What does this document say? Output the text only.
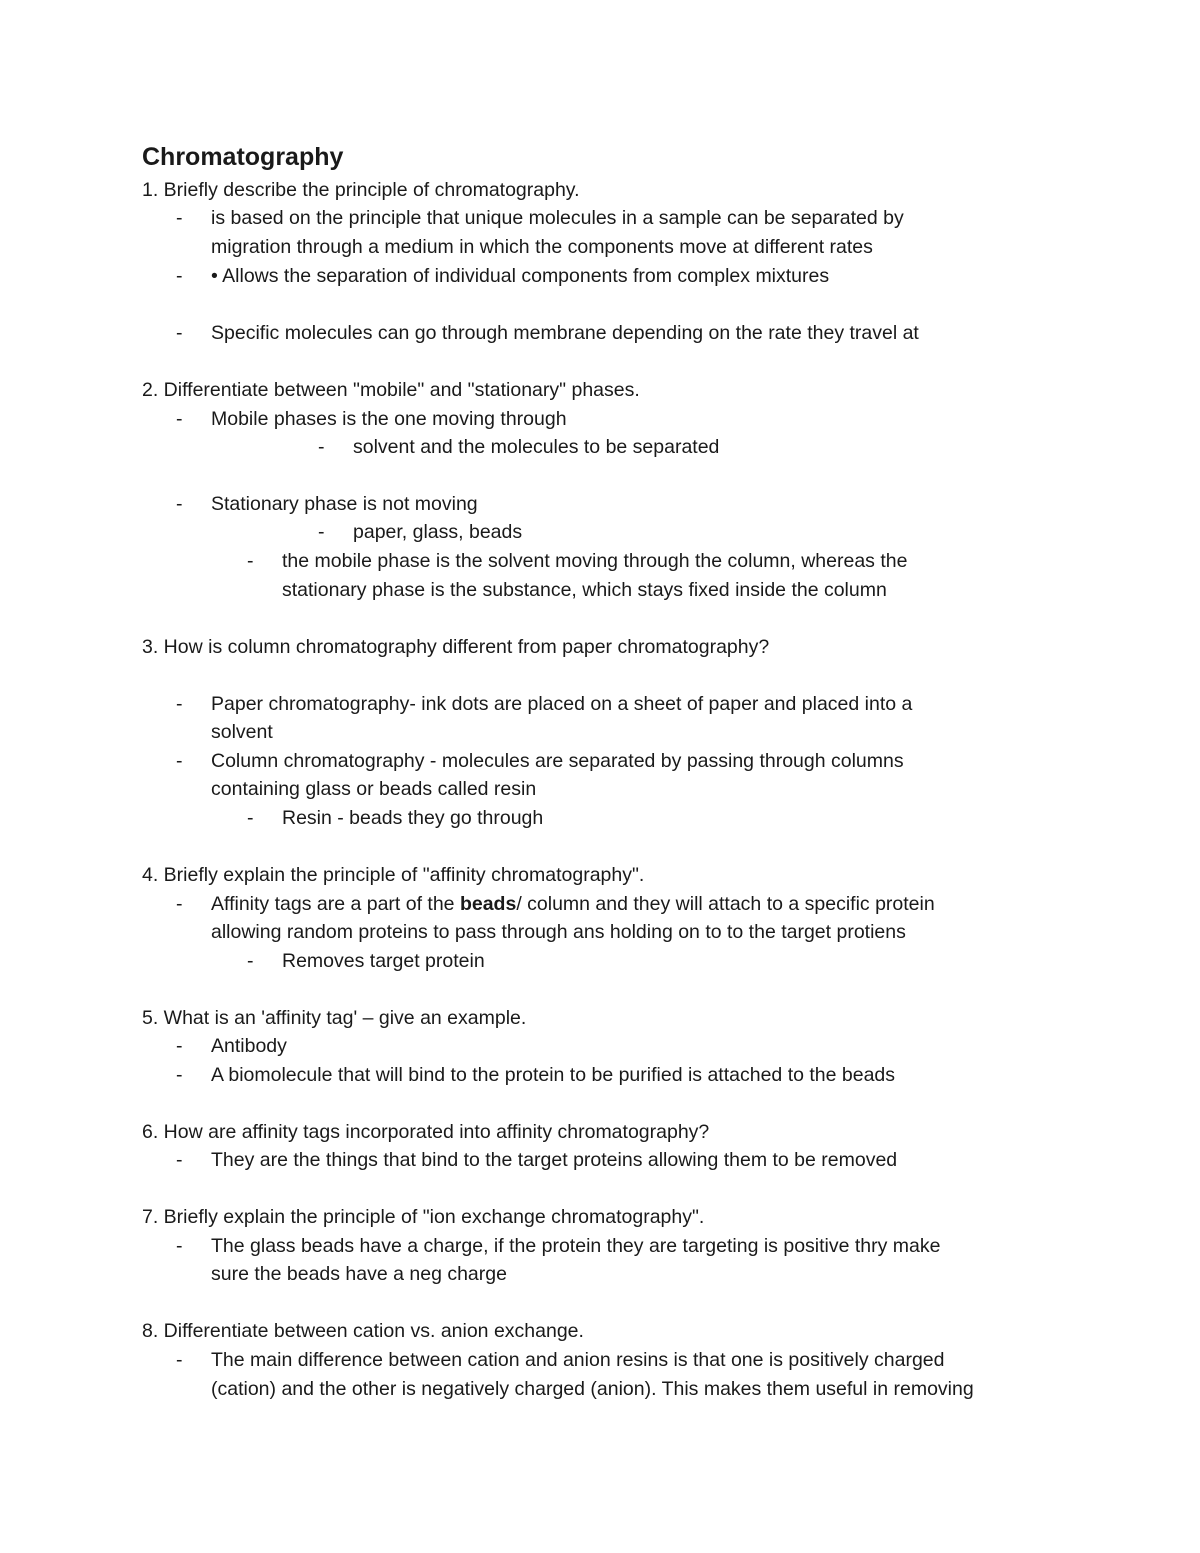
Chromatography
1. Briefly describe the principle of chromatography.
- is based on the principle that unique molecules in a sample can be separated by
migration through a medium in which the components move at different rates
- • Allows the separation of individual components from complex mixtures
- Specific molecules can go through membrane depending on the rate they travel at
2. Differentiate between "mobile" and "stationary" phases.
- Mobile phases is the one moving through
- solvent and the molecules to be separated
- Stationary phase is not moving
- paper, glass, beads
- the mobile phase is the solvent moving through the column, whereas the
stationary phase is the substance, which stays fixed inside the column
3. How is column chromatography different from paper chromatography?
- Paper chromatography- ink dots are placed on a sheet of paper and placed into a
solvent
- Column chromatography - molecules are separated by passing through columns
containing glass or beads called resin
- Resin - beads they go through
4. Briefly explain the principle of "affinity chromatography".
- Affinity tags are a part of the beads/ column and they will attach to a specific protein
allowing random proteins to pass through ans holding on to to the target protiens
- Removes target protein
5. What is an 'affinity tag' – give an example.
- Antibody
- A biomolecule that will bind to the protein to be purified is attached to the beads
6. How are affinity tags incorporated into affinity chromatography?
- They are the things that bind to the target proteins allowing them to be removed
7. Briefly explain the principle of "ion exchange chromatography".
- The glass beads have a charge, if the protein they are targeting is positive thry make
sure the beads have a neg charge
8. Differentiate between cation vs. anion exchange.
- The main difference between cation and anion resins is that one is positively charged
(cation) and the other is negatively charged (anion). This makes them useful in removing
